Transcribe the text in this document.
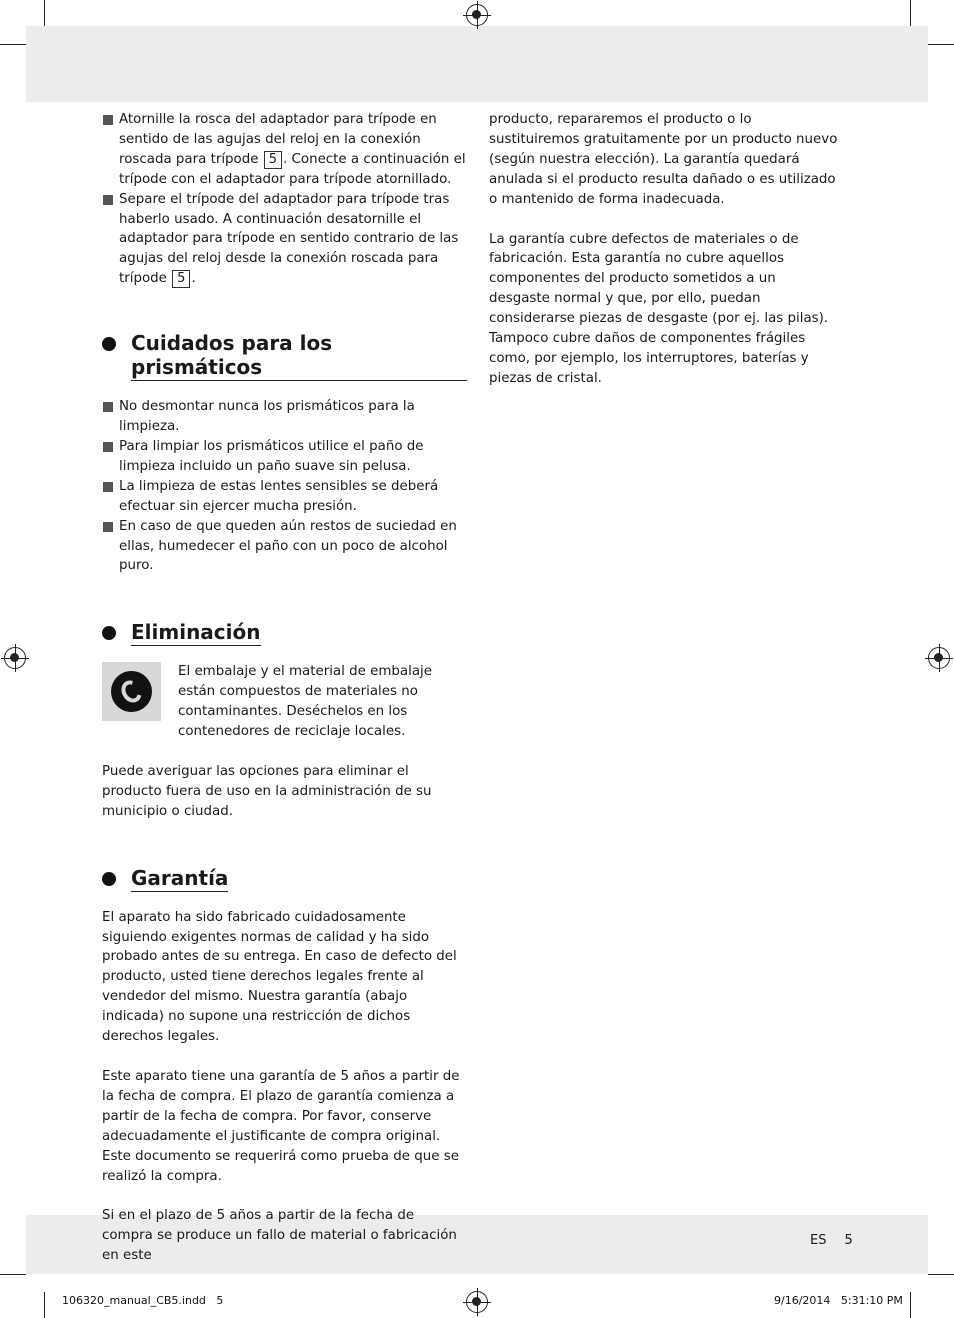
Atornille la rosca del adaptador para trípode en sentido de las agujas del reloj en la conexión roscada para trípode 5 . Conecte a continuación el trípode con el adaptador para trípode atornillado.
Separe el trípode del adaptador para trípode tras haberlo usado. A continuación desatornille el adaptador para trípode en sentido contrario de las agujas del reloj desde la conexión roscada para trípode 5 .
Cuidados para los prismáticos
No desmontar nunca los prismáticos para la limpieza.
Para limpiar los prismáticos utilice el paño de limpieza incluido un paño suave sin pelusa.
La limpieza de estas lentes sensibles se deberá efectuar sin ejercer mucha presión.
En caso de que queden aún restos de suciedad en ellas, humedecer el paño con un poco de alcohol puro.
Eliminación

El embalaje y el material de embalaje están compuestos de materiales no contaminantes. Deséchelos en los contenedores de reciclaje locales.

Puede averiguar las opciones para eliminar el producto fuera de uso en la administración de su municipio o ciudad.

Garantía

El aparato ha sido fabricado cuidadosamente siguiendo exigentes normas de calidad y ha sido probado antes de su entrega. En caso de defecto del producto, usted tiene derechos legales frente al vendedor del mismo. Nuestra garantía (abajo indicada) no supone una restricción de dichos derechos legales.

Este aparato tiene una garantía de 5 años a partir de la fecha de compra. El plazo de garantía comienza a partir de la fecha de compra. Por favor, conserve adecuadamente el justificante de compra original. Este documento se requerirá como prueba de que se realizó la compra.

Si en el plazo de 5 años a partir de la fecha de compra se produce un fallo de material o fabricación en este

producto, repararemos el producto o lo sustituiremos gratuitamente por un producto nuevo (según nuestra elección). La garantía quedará anulada si el producto resulta dañado o es utilizado o mantenido de forma inadecuada.

La garantía cubre defectos de materiales o de fabricación. Esta garantía no cubre aquellos componentes del producto sometidos a un desgaste normal y que, por ello, puedan considerarse piezas de desgaste (por ej. las pilas). Tampoco cubre daños de componentes frágiles como, por ejemplo, los interruptores, baterías y piezas de cristal.

ES 5
106320_manual_CB5.indd   5	9/16/2014   5:31:10 PM
